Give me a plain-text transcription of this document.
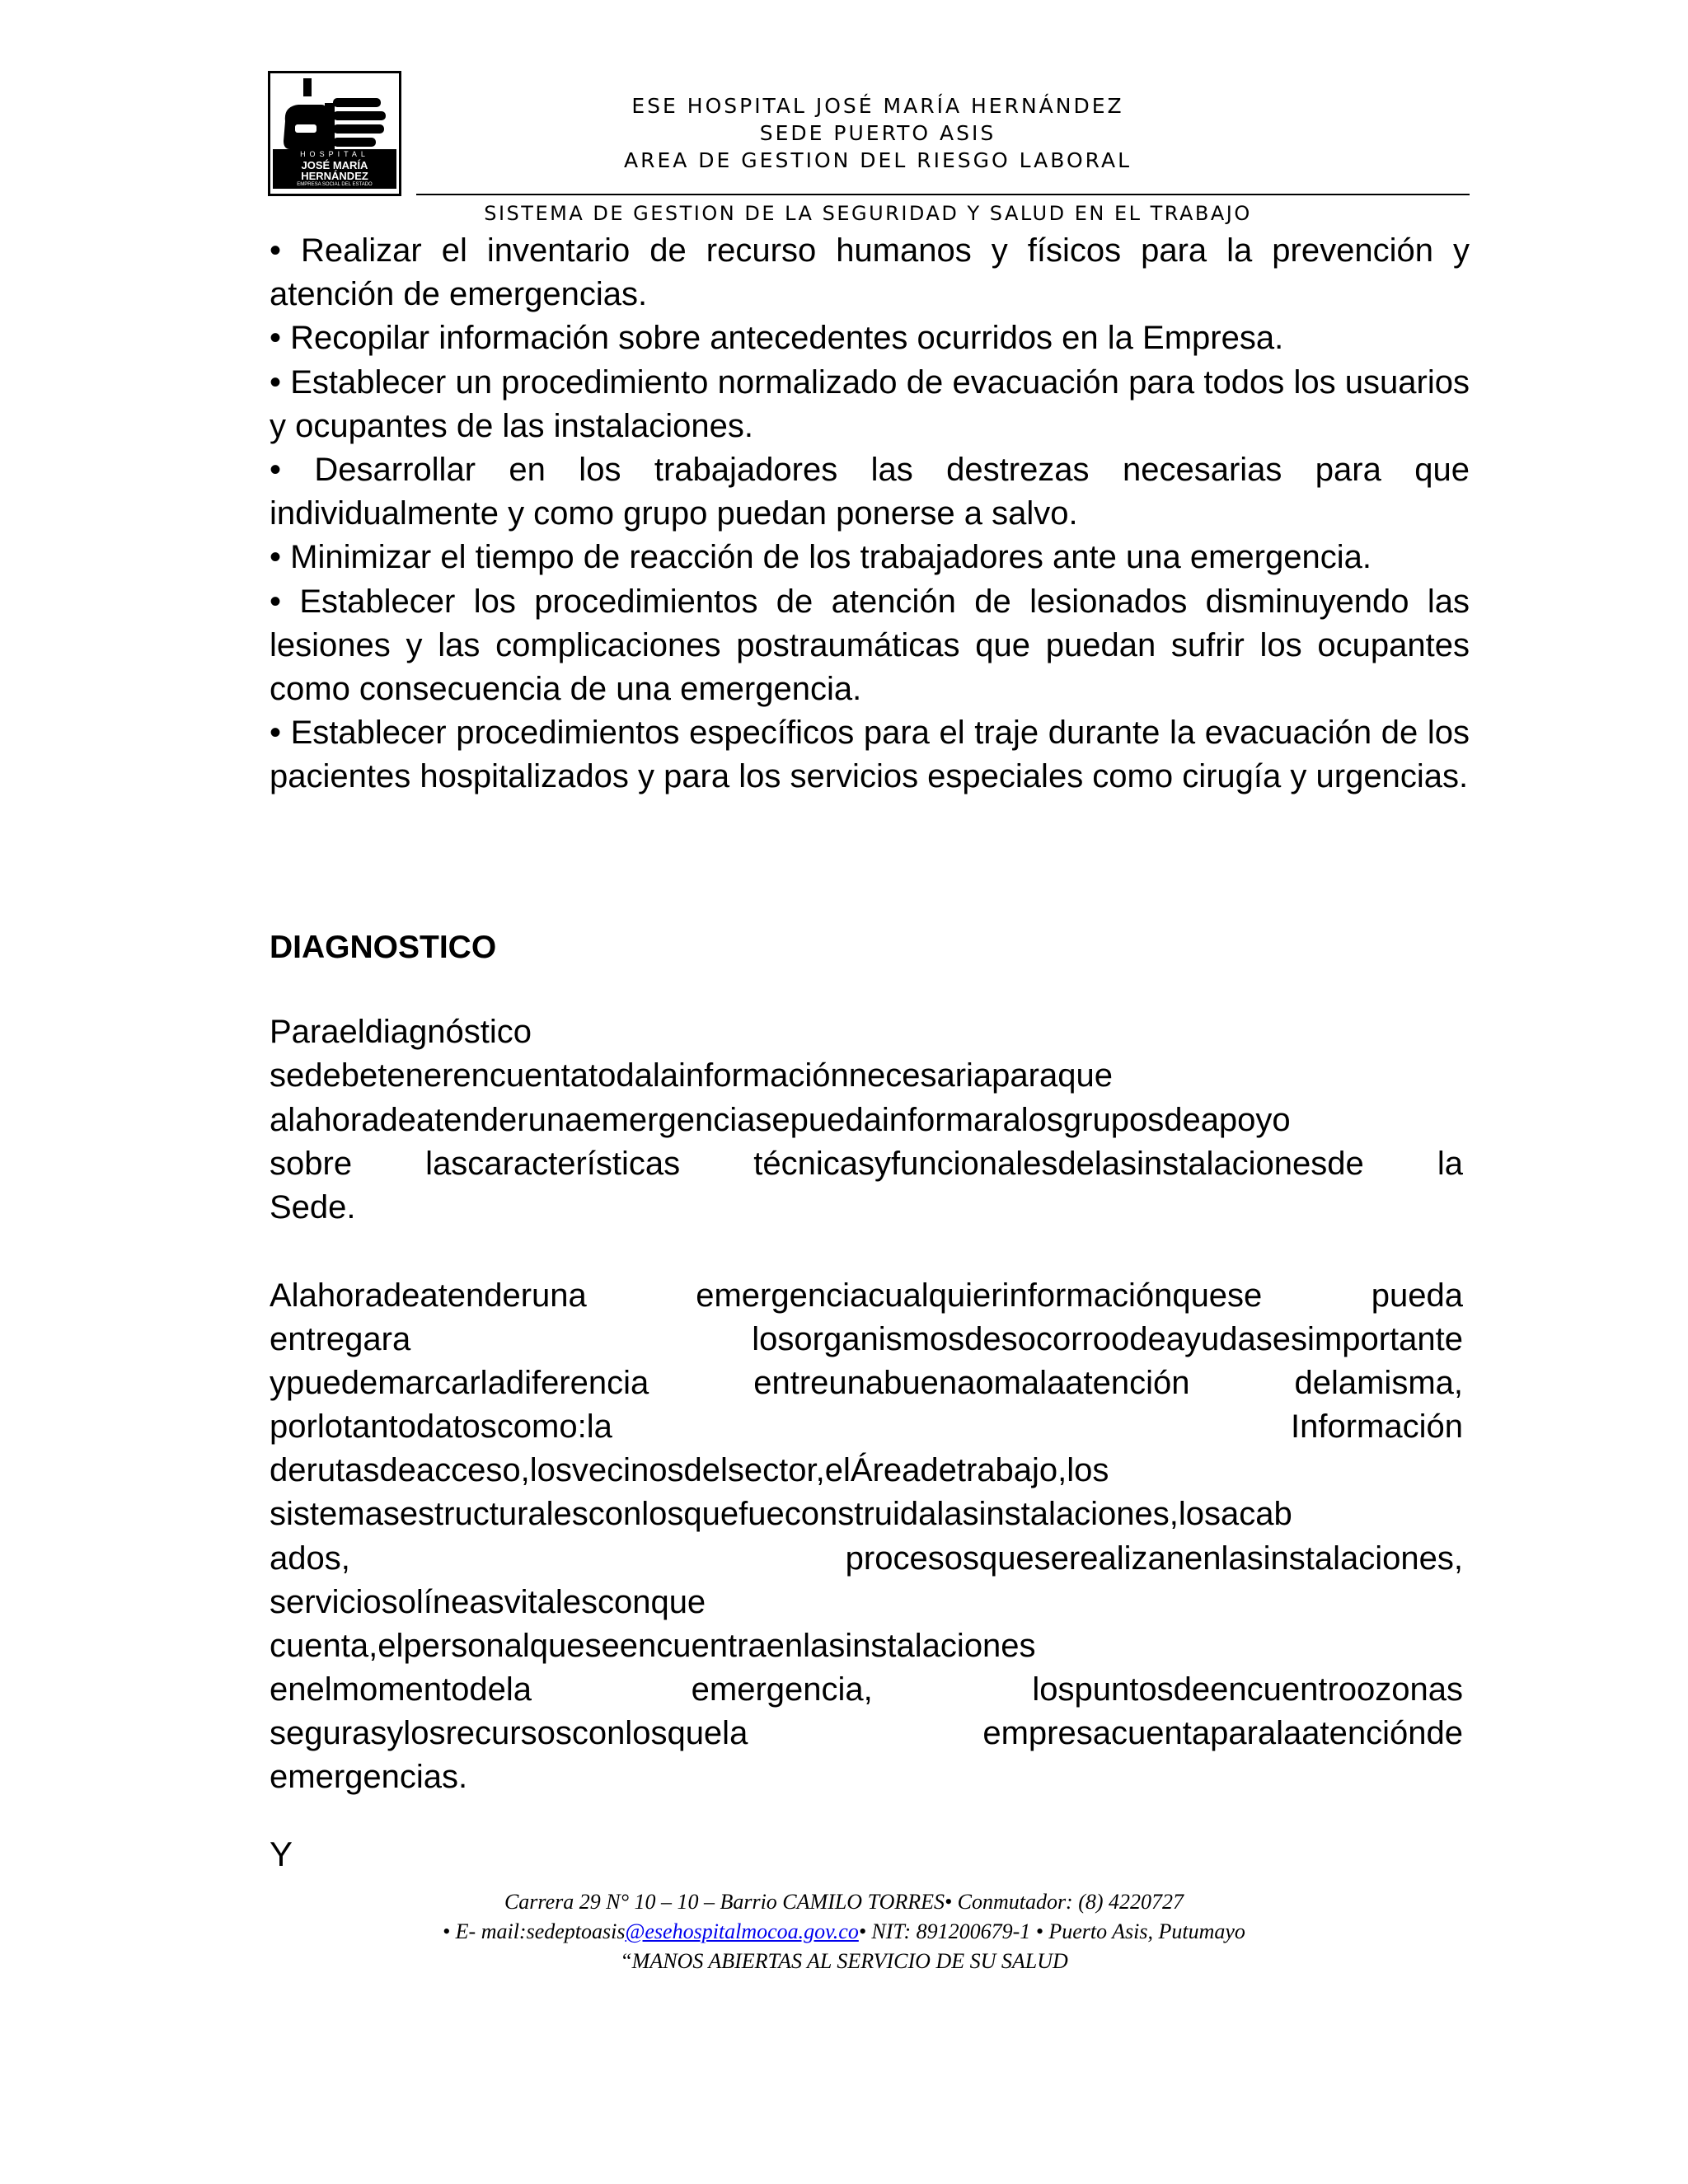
HOSPITAL
JOSÉ MARÍA HERNÁNDEZ
EMPRESA SOCIAL DEL ESTADO
ESE HOSPITAL JOSÉ MARÍA HERNÁNDEZ
SEDE PUERTO ASIS
AREA DE GESTION DEL RIESGO LABORAL
SISTEMA DE GESTION DE LA SEGURIDAD Y SALUD EN EL TRABAJO

• Realizar el inventario de recurso humanos y físicos para la prevención y atención de emergencias.

• Recopilar información sobre antecedentes ocurridos en la Empresa.

• Establecer un procedimiento normalizado de evacuación para todos los usuarios y ocupantes de las instalaciones.

• Desarrollar en los trabajadores las destrezas necesarias para que individualmente y como grupo puedan ponerse a salvo.

• Minimizar el tiempo de reacción de los trabajadores ante una emergencia.

• Establecer los procedimientos de atención de lesionados disminuyendo las lesiones y las complicaciones postraumáticas que puedan sufrir los ocupantes como consecuencia de una emergencia.

• Establecer procedimientos específicos para el traje durante la evacuación de los pacientes hospitalizados y para los servicios especiales como cirugía y urgencias.

DIAGNOSTICO
Paraeldiagnóstico
sedebetenerencuentatodalainformaciónnecesariaparaque
alahoradeatenderunaemergenciasepuedainformaralosgruposdeapoyo
sobre lascaracterísticas técnicasyfuncionalesdelasinstalacionesde la
Sede.
Alahoradeatenderuna emergenciacualquierinformaciónquese pueda
entregara losorganismosdesocorroodeayudasesimportante
ypuedemarcarladiferencia entreunabuenaomalaatención delamisma,
porlotantodatoscomo:la Información
derutasdeacceso,losvecinosdelsector,elÁreadetrabajo,los
sistemasestructuralesconlosquefueconstruidalasinstalaciones,losacab
ados, procesosqueserealizanenlasinstalaciones,
serviciosolíneasvitalesconque
cuenta,elpersonalqueseencuentraenlasinstalaciones
enelmomentodela emergencia, lospuntosdeencuentroozonas
segurasylosrecursosconlosquela empresacuentaparalaatenciónde
emergencias.
Y
Carrera 29 N° 10 – 10 – Barrio CAMILO TORRES• Conmutador: (8) 4220727
• E- mail:sedeptoasis@esehospitalmocoa.gov.co• NIT: 891200679-1 • Puerto Asis, Putumayo
“MANOS ABIERTAS AL SERVICIO DE SU SALUD
